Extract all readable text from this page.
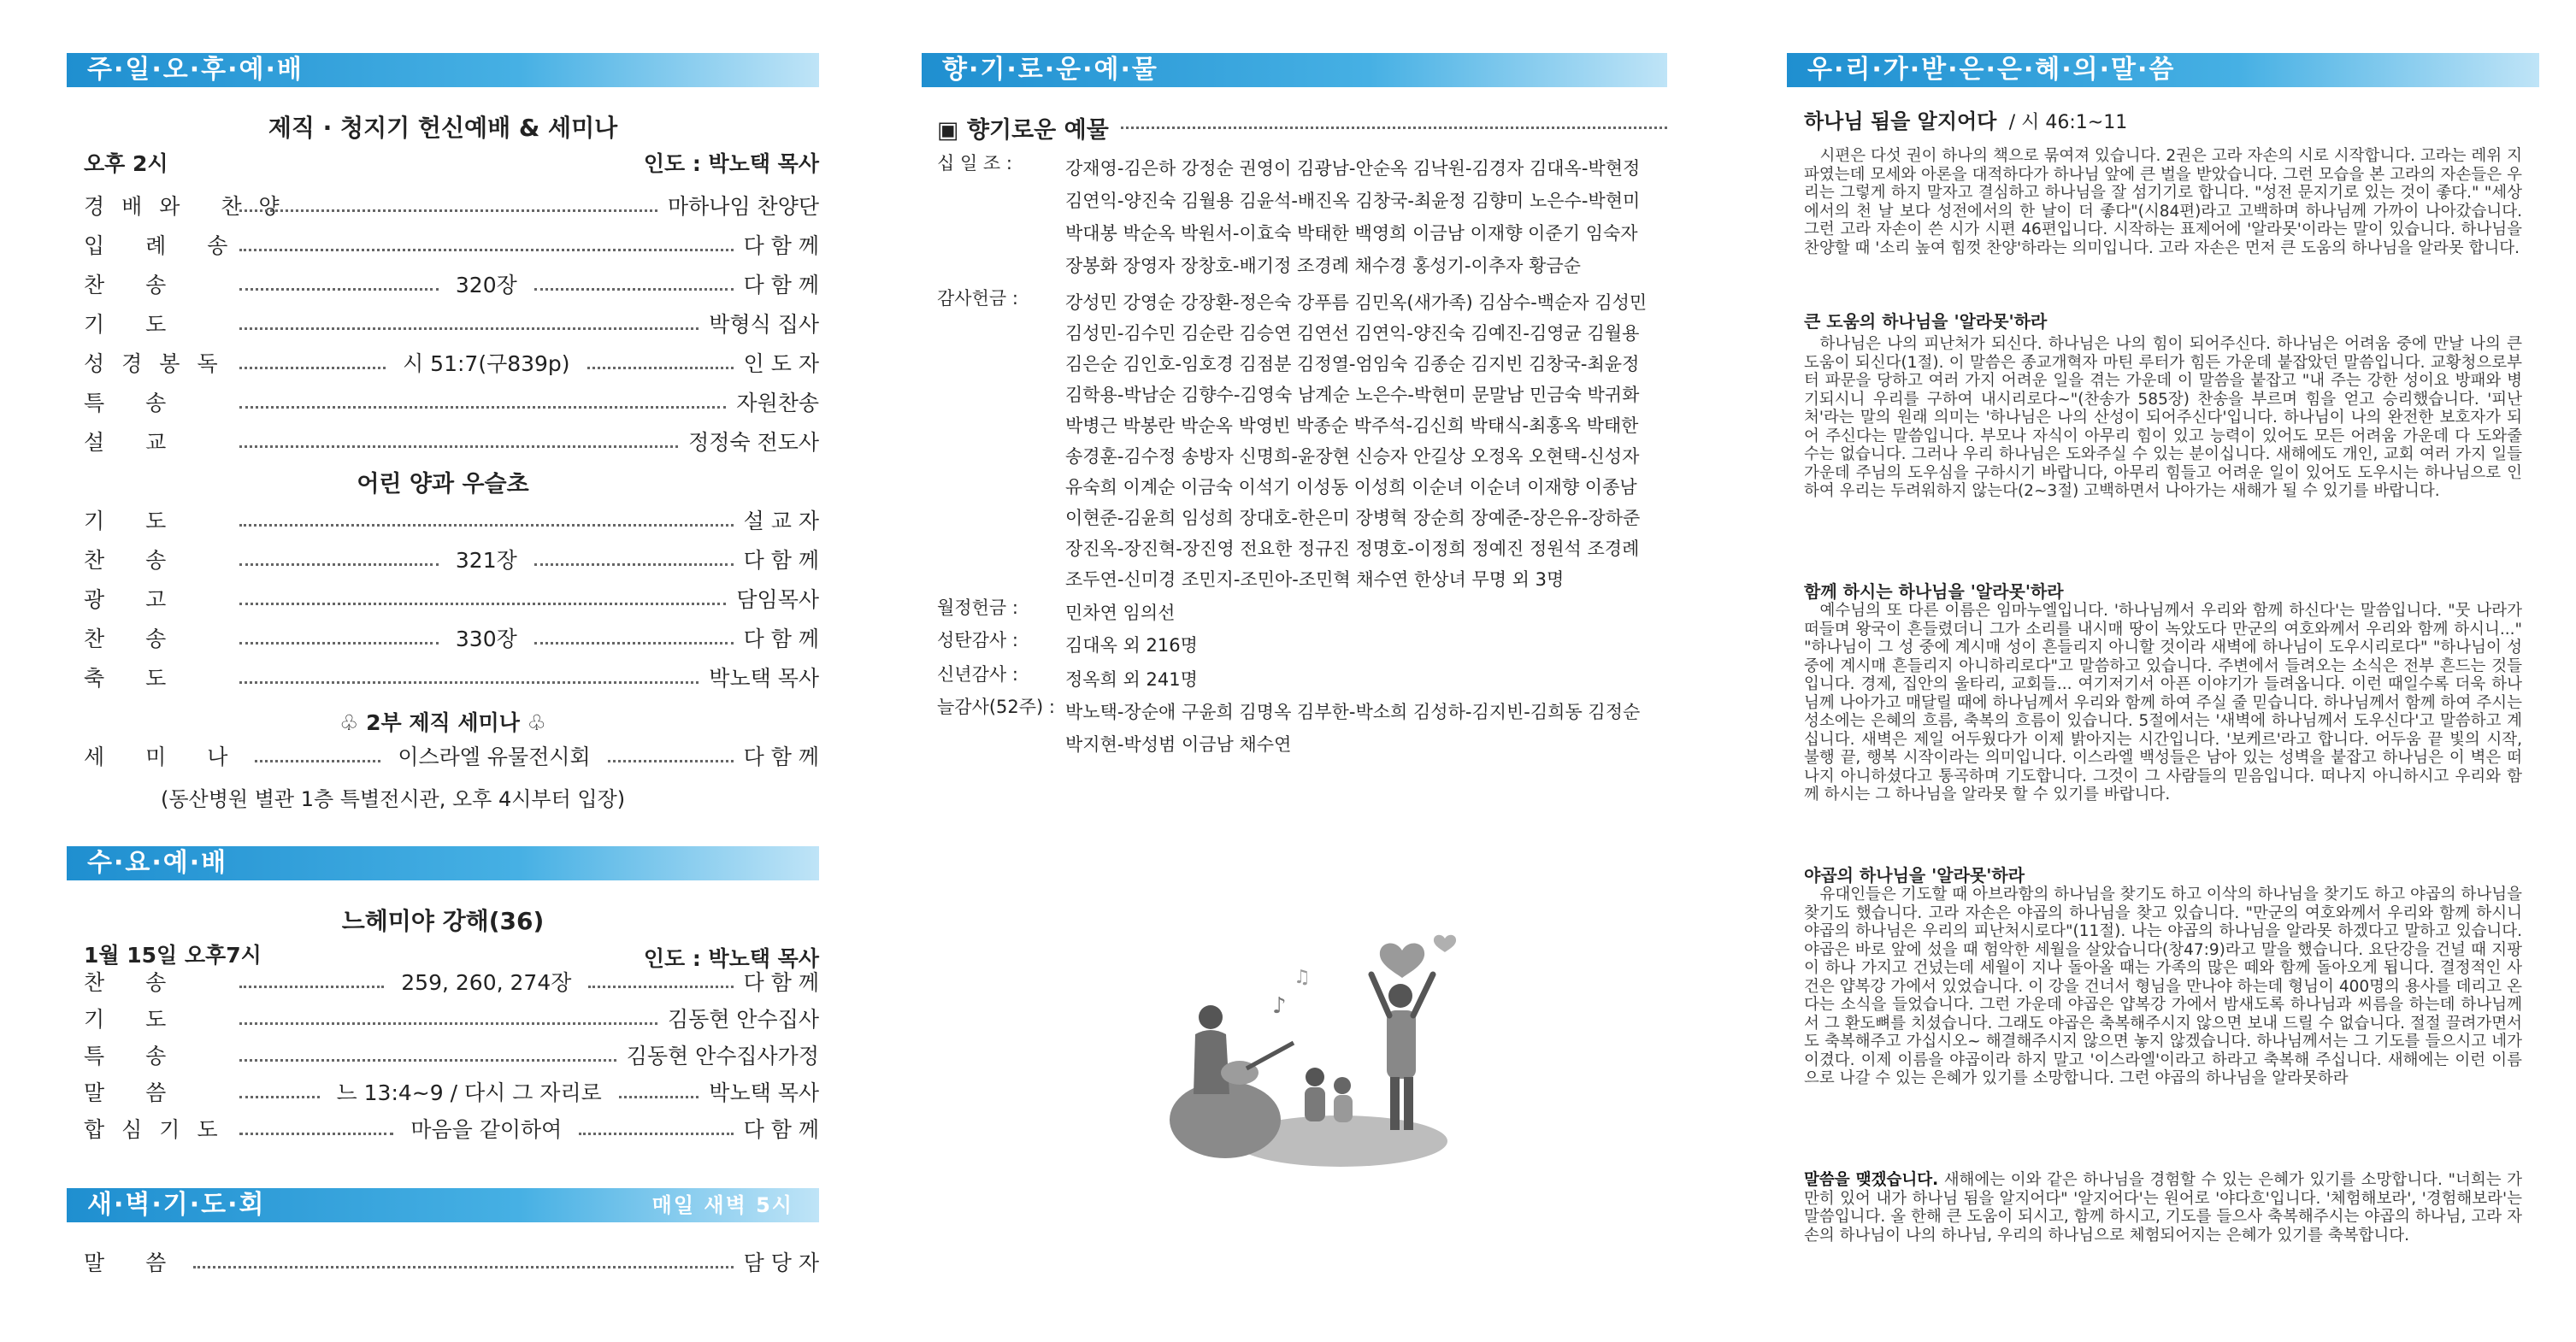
주·일·오·후·예·배
제직 · 청지기 헌신예배 & 세미나
오후 2시	인도 : 박노택 목사
경배와 찬양	마하나임 찬양단
입 례 송	다 함 께
찬 송	320장	다 함 께
기 도	박형식 집사
성경봉독	시 51:7(구839p)	인 도 자
특 송	자원찬송
설 교	정정숙 전도사
어린 양과 우슬초
기 도	설 교 자
찬 송	321장	다 함 께
광 고	담임목사
찬 송	330장	다 함 께
축 도	박노택 목사
♧ 2부 제직 세미나 ♧
세 미 나	이스라엘 유물전시회	다 함 께
(동산병원 별관 1층 특별전시관, 오후 4시부터 입장)
수·요·예·배
느헤미야 강해(36)
1월 15일 오후7시	인도 : 박노택 목사
찬 송	259, 260, 274장	다 함 께
기 도	김동현 안수집사
특 송	김동현 안수집사가정
말 씀	느 13:4~9 / 다시 그 자리로	박노택 목사
합심기도	마음을 같이하여	다 함 께
새·벽·기·도·회	매일 새벽 5시
말 씀	담 당 자
향·기·로·운·예·물
▣ 향기로운 예물
십 일 조 :	강재영-김은하 강정순 권영이 김광남-안순옥 김낙원-김경자 김대옥-박현정 김연익-양진숙 김월용 김윤석-배진옥 김창국-최윤정 김향미 노은수-박현미 박대봉 박순옥 박원서-이효숙 박태한 백영희 이금남 이재향 이준기 임숙자 장봉화 장영자 장창호-배기정 조경례 채수경 홍성기-이추자 황금순
감사헌금 :	강성민 강영순 강장환-정은숙 강푸름 김민옥(새가족) 김삼수-백순자 김성민 김성민-김수민 김순란 김승연 김연선 김연익-양진숙 김예진-김영균 김월용 김은순 김인호-임호경 김점분 김정열-엄임숙 김종순 김지빈 김창국-최윤정 김학용-박남순 김향수-김영숙 남계순 노은수-박현미 문말남 민금숙 박귀화 박병근 박봉란 박순옥 박영빈 박종순 박주석-김신희 박태식-최홍옥 박태한 송경훈-김수정 송방자 신명희-윤장현 신승자 안길상 오정옥 오현택-신성자 유숙희 이계순 이금숙 이석기 이성동 이성희 이순녀 이순녀 이재향 이종남 이현준-김윤희 임성희 장대호-한은미 장병혁 장순희 장예준-장은유-장하준 장진옥-장진혁-장진영 전요한 정규진 정명호-이정희 정예진 정원석 조경례 조두연-신미경 조민지-조민아-조민혁 채수연 한상녀 무명 외 3명
월정헌금 :	민차연 임의선
성탄감사 :	김대옥 외 216명
신년감사 :	정옥희 외 241명
늘감사(52주) : 박노택-장순애 구윤희 김명옥 김부한-박소희 김성하-김지빈-김희동 김정순 박지현-박성범 이금남 채수연
♪
♫
우·리·가·받·은·은·혜·의·말·씀
하나님 됨을 알지어다 / 시 46:1~11
시편은 다섯 권이 하나의 책으로 묶여져 있습니다. 2권은 고라 자손의 시로 시작합니다. 고라는 레위 지파였는데 모세와 아론을 대적하다가 하나님 앞에 큰 벌을 받았습니다. 그런 모습을 본 고라의 자손들은 우리는 그렇게 하지 말자고 결심하고 하나님을 잘 섬기기로 합니다. "성전 문지기로 있는 것이 좋다." "세상에서의 천 날 보다 성전에서의 한 날이 더 좋다"(시84편)라고 고백하며 하나님께 가까이 나아갔습니다. 그런 고라 자손이 쓴 시가 시편 46편입니다. 시작하는 표제어에 '알라못'이라는 말이 있습니다. 하나님을 찬양할 때 '소리 높여 힘껏 찬양'하라는 의미입니다. 고라 자손은 먼저 큰 도움의 하나님을 알라못 합니다.
큰 도움의 하나님을 '알라못'하라
하나님은 나의 피난처가 되신다. 하나님은 나의 힘이 되어주신다. 하나님은 어려움 중에 만날 나의 큰 도움이 되신다(1절). 이 말씀은 종교개혁자 마틴 루터가 힘든 가운데 붙잡았던 말씀입니다. 교황청으로부터 파문을 당하고 여러 가지 어려운 일을 겪는 가운데 이 말씀을 붙잡고 "내 주는 강한 성이요 방패와 병기되시니 우리를 구하여 내시리로다~"(찬송가 585장) 찬송을 부르며 힘을 얻고 승리했습니다. '피난처'라는 말의 원래 의미는 '하나님은 나의 산성이 되어주신다'입니다. 하나님이 나의 완전한 보호자가 되어 주신다는 말씀입니다. 부모나 자식이 아무리 힘이 있고 능력이 있어도 모든 어려움 가운데 다 도와줄 수는 없습니다. 그러나 우리 하나님은 도와주실 수 있는 분이십니다. 새해에도 개인, 교회 여러 가지 일들 가운데 주님의 도우심을 구하시기 바랍니다, 아무리 힘들고 어려운 일이 있어도 도우시는 하나님으로 인하여 우리는 두려워하지 않는다(2~3절) 고백하면서 나아가는 새해가 될 수 있기를 바랍니다.
함께 하시는 하나님을 '알라못'하라
예수님의 또 다른 이름은 임마누엘입니다. '하나님께서 우리와 함께 하신다'는 말씀입니다. "뭇 나라가 떠들며 왕국이 흔들렸더니 그가 소리를 내시매 땅이 녹았도다 만군의 여호와께서 우리와 함께 하시니..." "하나님이 그 성 중에 계시매 성이 흔들리지 아니할 것이라 새벽에 하나님이 도우시리로다" "하나님이 성중에 계시매 흔들리지 아니하리로다"고 말씀하고 있습니다. 주변에서 들려오는 소식은 전부 흔드는 것들입니다. 경제, 집안의 울타리, 교회들... 여기저기서 아픈 이야기가 들려옵니다. 이런 때일수록 더욱 하나님께 나아가고 매달릴 때에 하나님께서 우리와 함께 하여 주실 줄 믿습니다. 하나님께서 함께 하여 주시는 성소에는 은혜의 흐름, 축복의 흐름이 있습니다. 5절에서는 '새벽에 하나님께서 도우신다'고 말씀하고 계십니다. 새벽은 제일 어두웠다가 이제 밝아지는 시간입니다. '보케르'라고 합니다. 어두움 끝 빛의 시작, 불행 끝, 행복 시작이라는 의미입니다. 이스라엘 백성들은 남아 있는 성벽을 붙잡고 하나님은 이 벽은 떠나지 아니하셨다고 통곡하며 기도합니다. 그것이 그 사람들의 믿음입니다. 떠나지 아니하시고 우리와 함께 하시는 그 하나님을 알라못 할 수 있기를 바랍니다.
야곱의 하나님을 '알라못'하라
유대인들은 기도할 때 아브라함의 하나님을 찾기도 하고 이삭의 하나님을 찾기도 하고 야곱의 하나님을 찾기도 했습니다. 고라 자손은 야곱의 하나님을 찾고 있습니다. "만군의 여호와께서 우리와 함께 하시니 야곱의 하나님은 우리의 피난처시로다"(11절). 나는 야곱의 하나님을 알라못 하겠다고 말하고 있습니다. 야곱은 바로 앞에 섰을 때 험악한 세월을 살았습니다(창47:9)라고 말을 했습니다. 요단강을 건널 때 지팡이 하나 가지고 건넜는데 세월이 지나 돌아올 때는 가족의 많은 떼와 함께 돌아오게 됩니다. 결정적인 사건은 얍복강 가에서 있었습니다. 이 강을 건너서 형님을 만나야 하는데 형님이 400명의 용사를 데리고 온다는 소식을 들었습니다. 그런 가운데 야곱은 얍복강 가에서 밤새도록 하나님과 씨름을 하는데 하나님께서 그 환도뼈를 치셨습니다. 그래도 야곱은 축복해주시지 않으면 보내 드릴 수 없습니다. 절절 끌려가면서도 축복해주고 가십시오~ 해결해주시지 않으면 놓지 않겠습니다. 하나님께서는 그 기도를 들으시고 네가 이겼다. 이제 이름을 야곱이라 하지 말고 '이스라엘'이라고 하라고 축복해 주십니다. 새해에는 이런 이름으로 나갈 수 있는 은혜가 있기를 소망합니다. 그런 야곱의 하나님을 알라못하라
말씀을 맺겠습니다. 새해에는 이와 같은 하나님을 경험할 수 있는 은혜가 있기를 소망합니다. "너희는 가만히 있어 내가 하나님 됨을 알지어다" '알지어다'는 원어로 '야다흐'입니다. '체험해보라', '경험해보라'는 말씀입니다. 올 한해 큰 도움이 되시고, 함께 하시고, 기도를 들으사 축복해주시는 야곱의 하나님, 고라 자손의 하나님이 나의 하나님, 우리의 하나님으로 체험되어지는 은혜가 있기를 축복합니다.
